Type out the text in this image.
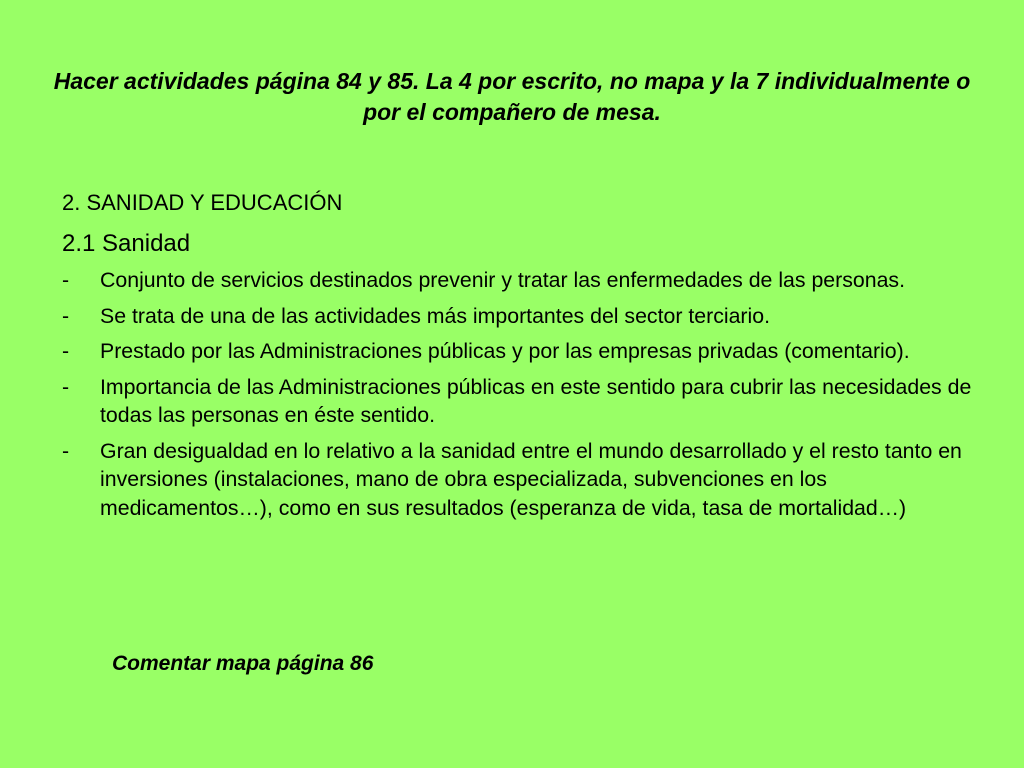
Hacer actividades página 84 y 85. La 4 por escrito, no mapa y la 7 individualmente o por el compañero de mesa.
2. SANIDAD Y EDUCACIÓN
2.1 Sanidad
- Conjunto de servicios destinados prevenir y tratar las enfermedades de las personas.
- Se trata de una de las actividades más importantes del sector terciario.
- Prestado por las Administraciones públicas y por las empresas privadas (comentario).
- Importancia de las Administraciones públicas en este sentido para cubrir las necesidades de todas las personas en éste sentido.
- Gran desigualdad en lo relativo a la sanidad entre el mundo desarrollado y el resto tanto en inversiones (instalaciones, mano de obra especializada, subvenciones en los medicamentos…), como en sus resultados (esperanza de vida, tasa de mortalidad…)
Comentar mapa página 86
